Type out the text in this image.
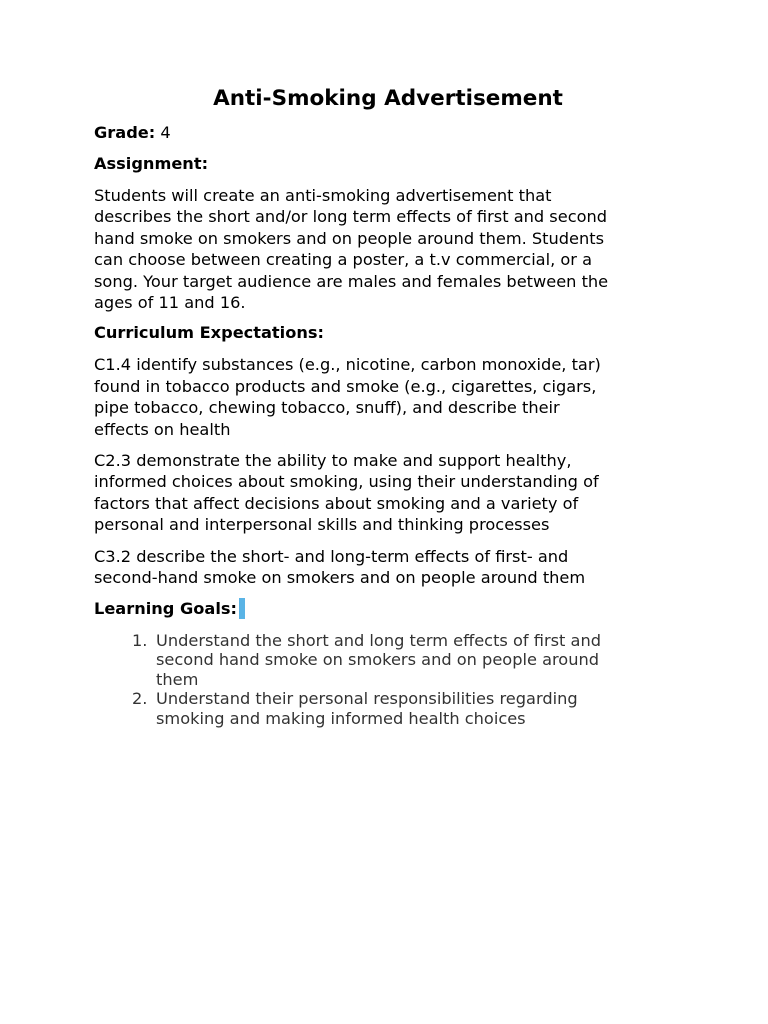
Anti-Smoking Advertisement
Grade: 4
Assignment:

Students will create an anti-smoking advertisement that
describes the short and/or long term effects of first and second
hand smoke on smokers and on people around them. Students
can choose between creating a poster, a t.v commercial, or a
song. Your target audience are males and females between the
ages of 11 and 16.

Curriculum Expectations:

C1.4 identify substances (e.g., nicotine, carbon monoxide, tar)
found in tobacco products and smoke (e.g., cigarettes, cigars,
pipe tobacco, chewing tobacco, snuff), and describe their
effects on health

C2.3 demonstrate the ability to make and support healthy,
informed choices about smoking, using their understanding of
factors that affect decisions about smoking and a variety of
personal and interpersonal skills and thinking processes

C3.2 describe the short- and long-term effects of first- and
second-hand smoke on smokers and on people around them

Learning Goals:
1. Understand the short and long term effects of first and
second hand smoke on smokers and on people around
them
2. Understand their personal responsibilities regarding
smoking and making informed health choices
